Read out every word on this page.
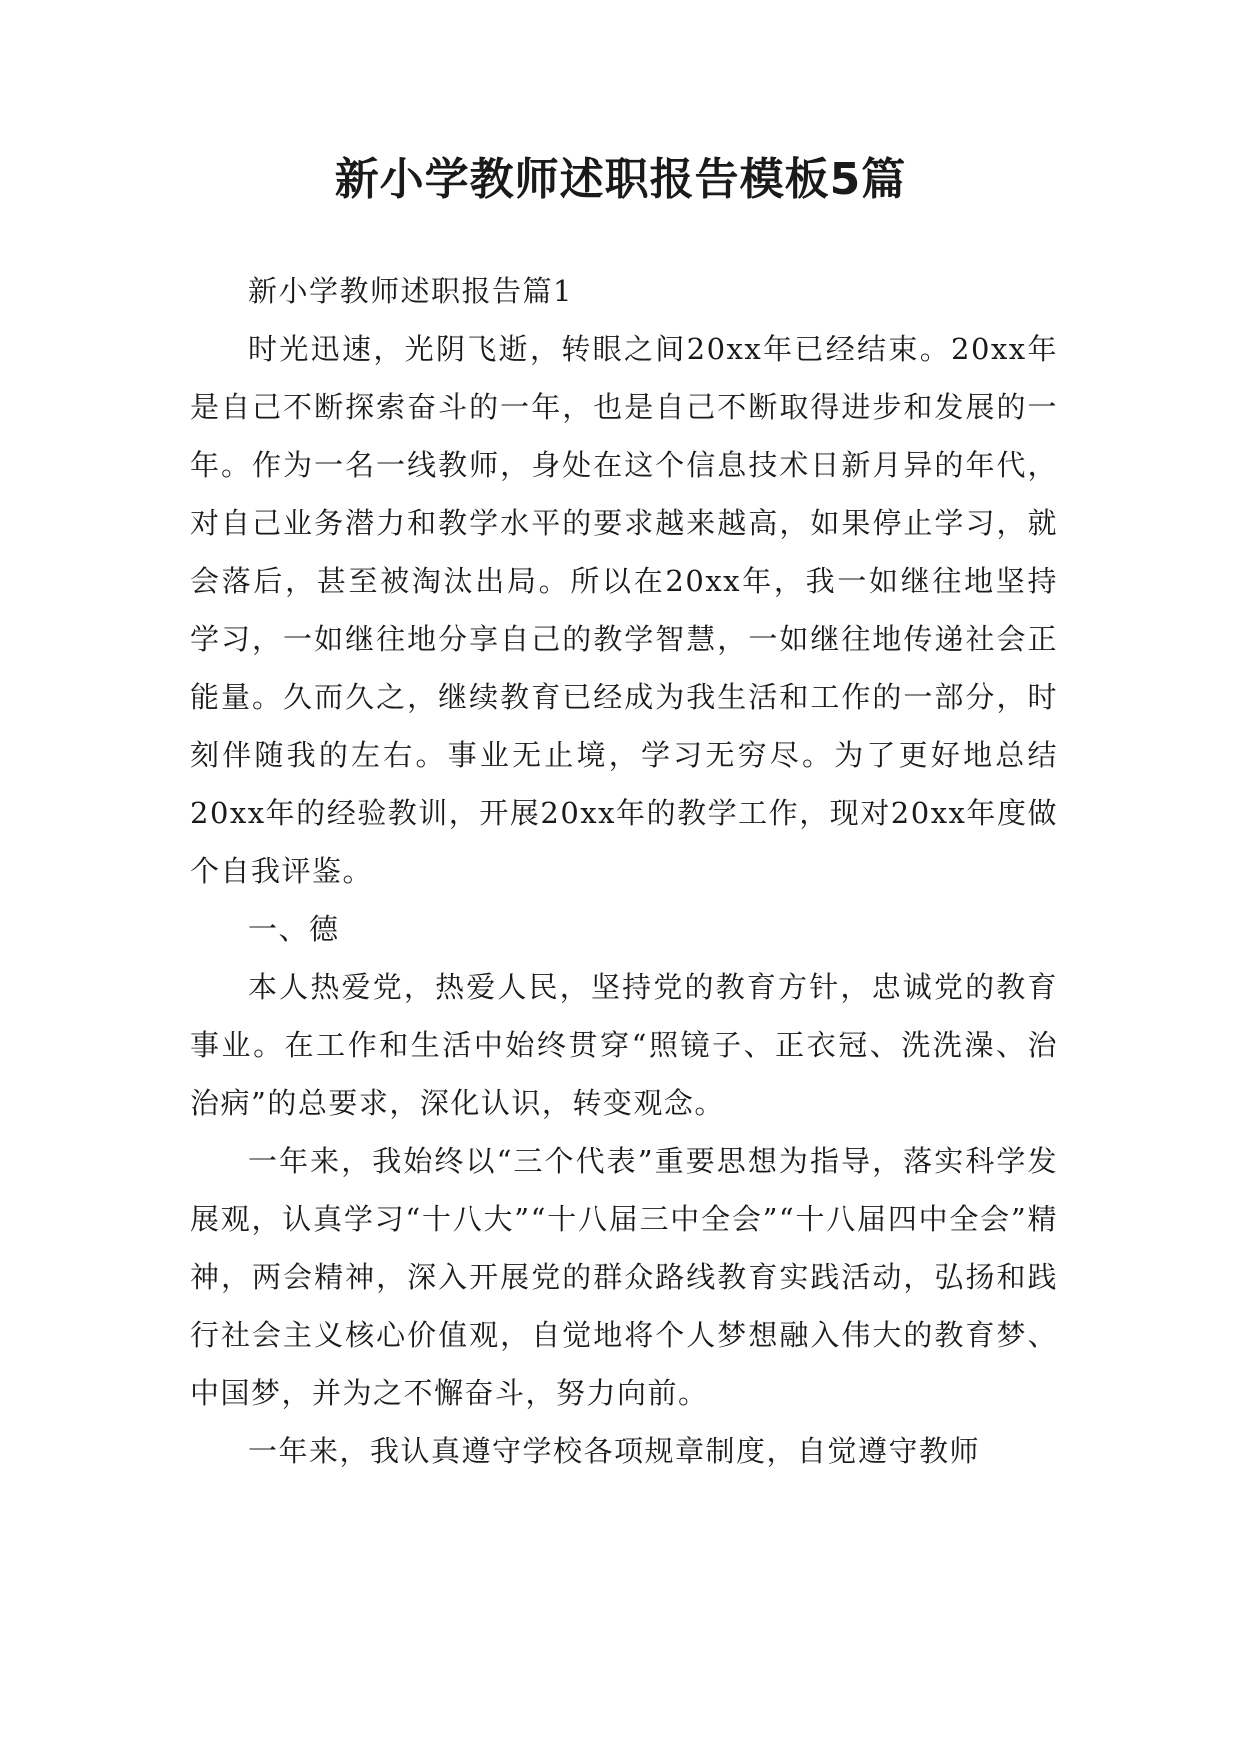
新小学教师述职报告模板5篇

新小学教师述职报告篇1

时光迅速，光阴飞逝，转眼之间20xx年已经结束。20xx年是自己不断探索奋斗的一年，也是自己不断取得进步和发展的一年。作为一名一线教师，身处在这个信息技术日新月异的年代，对自己业务潜力和教学水平的要求越来越高，如果停止学习，就会落后，甚至被淘汰出局。所以在20xx年，我一如继往地坚持学习，一如继往地分享自己的教学智慧，一如继往地传递社会正能量。久而久之，继续教育已经成为我生活和工作的一部分，时刻伴随我的左右。事业无止境，学习无穷尽。为了更好地总结20xx年的经验教训，开展20xx年的教学工作，现对20xx年度做个自我评鉴。

一、德

本人热爱党，热爱人民，坚持党的教育方针，忠诚党的教育事业。在工作和生活中始终贯穿“照镜子、正衣冠、洗洗澡、治治病”的总要求，深化认识，转变观念。

一年来，我始终以“三个代表”重要思想为指导，落实科学发展观，认真学习“十八大”“十八届三中全会”“十八届四中全会”精神，两会精神，深入开展党的群众路线教育实践活动，弘扬和践行社会主义核心价值观，自觉地将个人梦想融入伟大的教育梦、中国梦，并为之不懈奋斗，努力向前。

一年来，我认真遵守学校各项规章制度，自觉遵守教师
